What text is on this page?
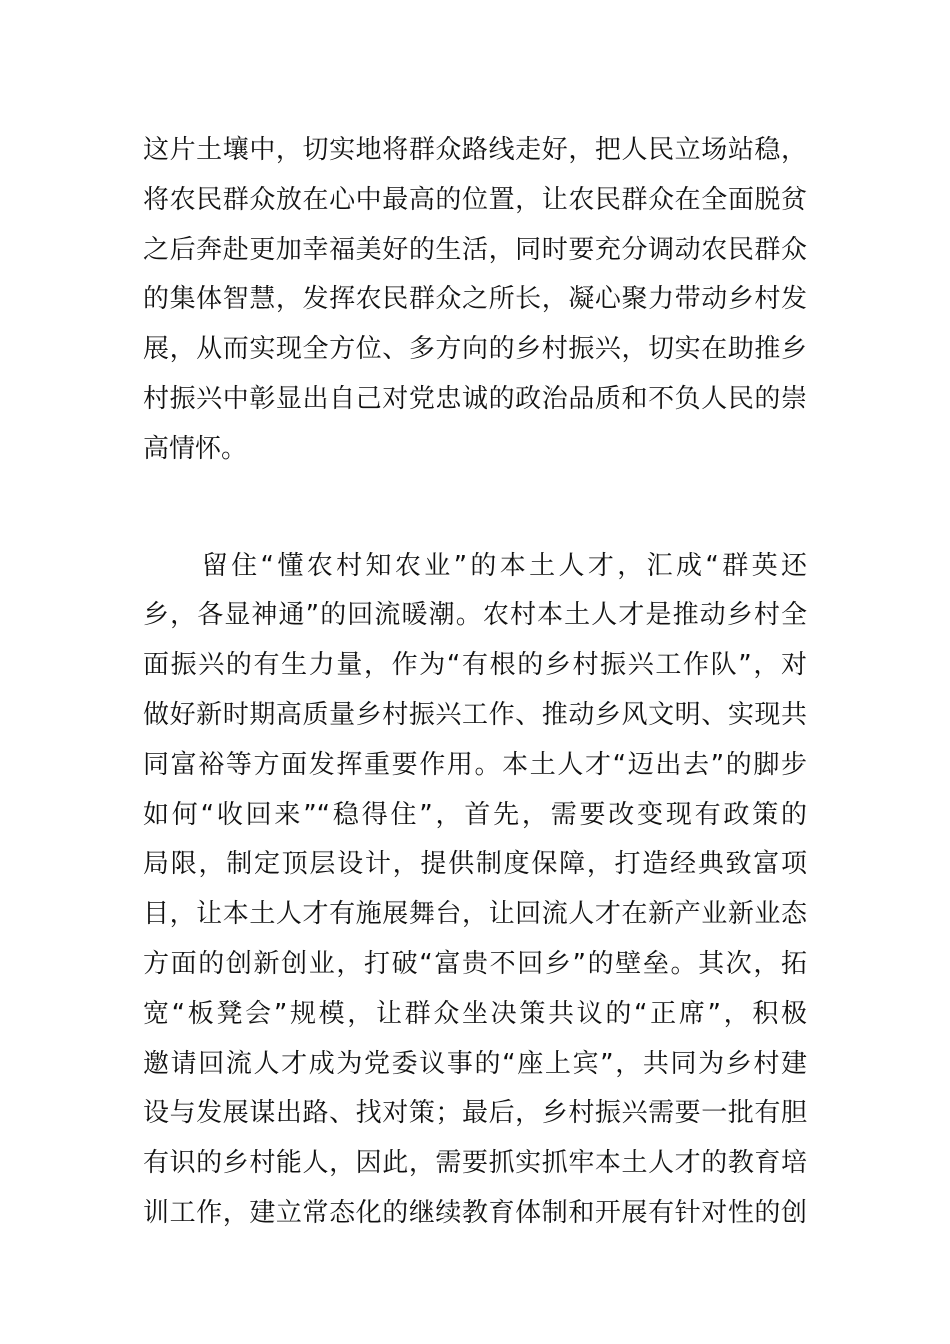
这片土壤中，切实地将群众路线走好，把人民立场站稳，
将农民群众放在心中最高的位置，让农民群众在全面脱贫
之后奔赴更加幸福美好的生活，同时要充分调动农民群众
的集体智慧，发挥农民群众之所长，凝心聚力带动乡村发
展，从而实现全方位、多方向的乡村振兴，切实在助推乡
村振兴中彰显出自己对党忠诚的政治品质和不负人民的崇
高情怀。
　　留住“懂农村知农业”的本土人才，汇成“群英还
乡，各显神通”的回流暖潮。农村本土人才是推动乡村全
面振兴的有生力量，作为“有根的乡村振兴工作队”，对
做好新时期高质量乡村振兴工作、推动乡风文明、实现共
同富裕等方面发挥重要作用。本土人才“迈出去”的脚步
如何“收回来”“稳得住”，首先，需要改变现有政策的
局限，制定顶层设计，提供制度保障，打造经典致富项
目，让本土人才有施展舞台，让回流人才在新产业新业态
方面的创新创业，打破“富贵不回乡”的壁垒。其次，拓
宽“板凳会”规模，让群众坐决策共议的“正席”，积极
邀请回流人才成为党委议事的“座上宾”，共同为乡村建
设与发展谋出路、找对策；最后，乡村振兴需要一批有胆
有识的乡村能人，因此，需要抓实抓牢本土人才的教育培
训工作，建立常态化的继续教育体制和开展有针对性的创
